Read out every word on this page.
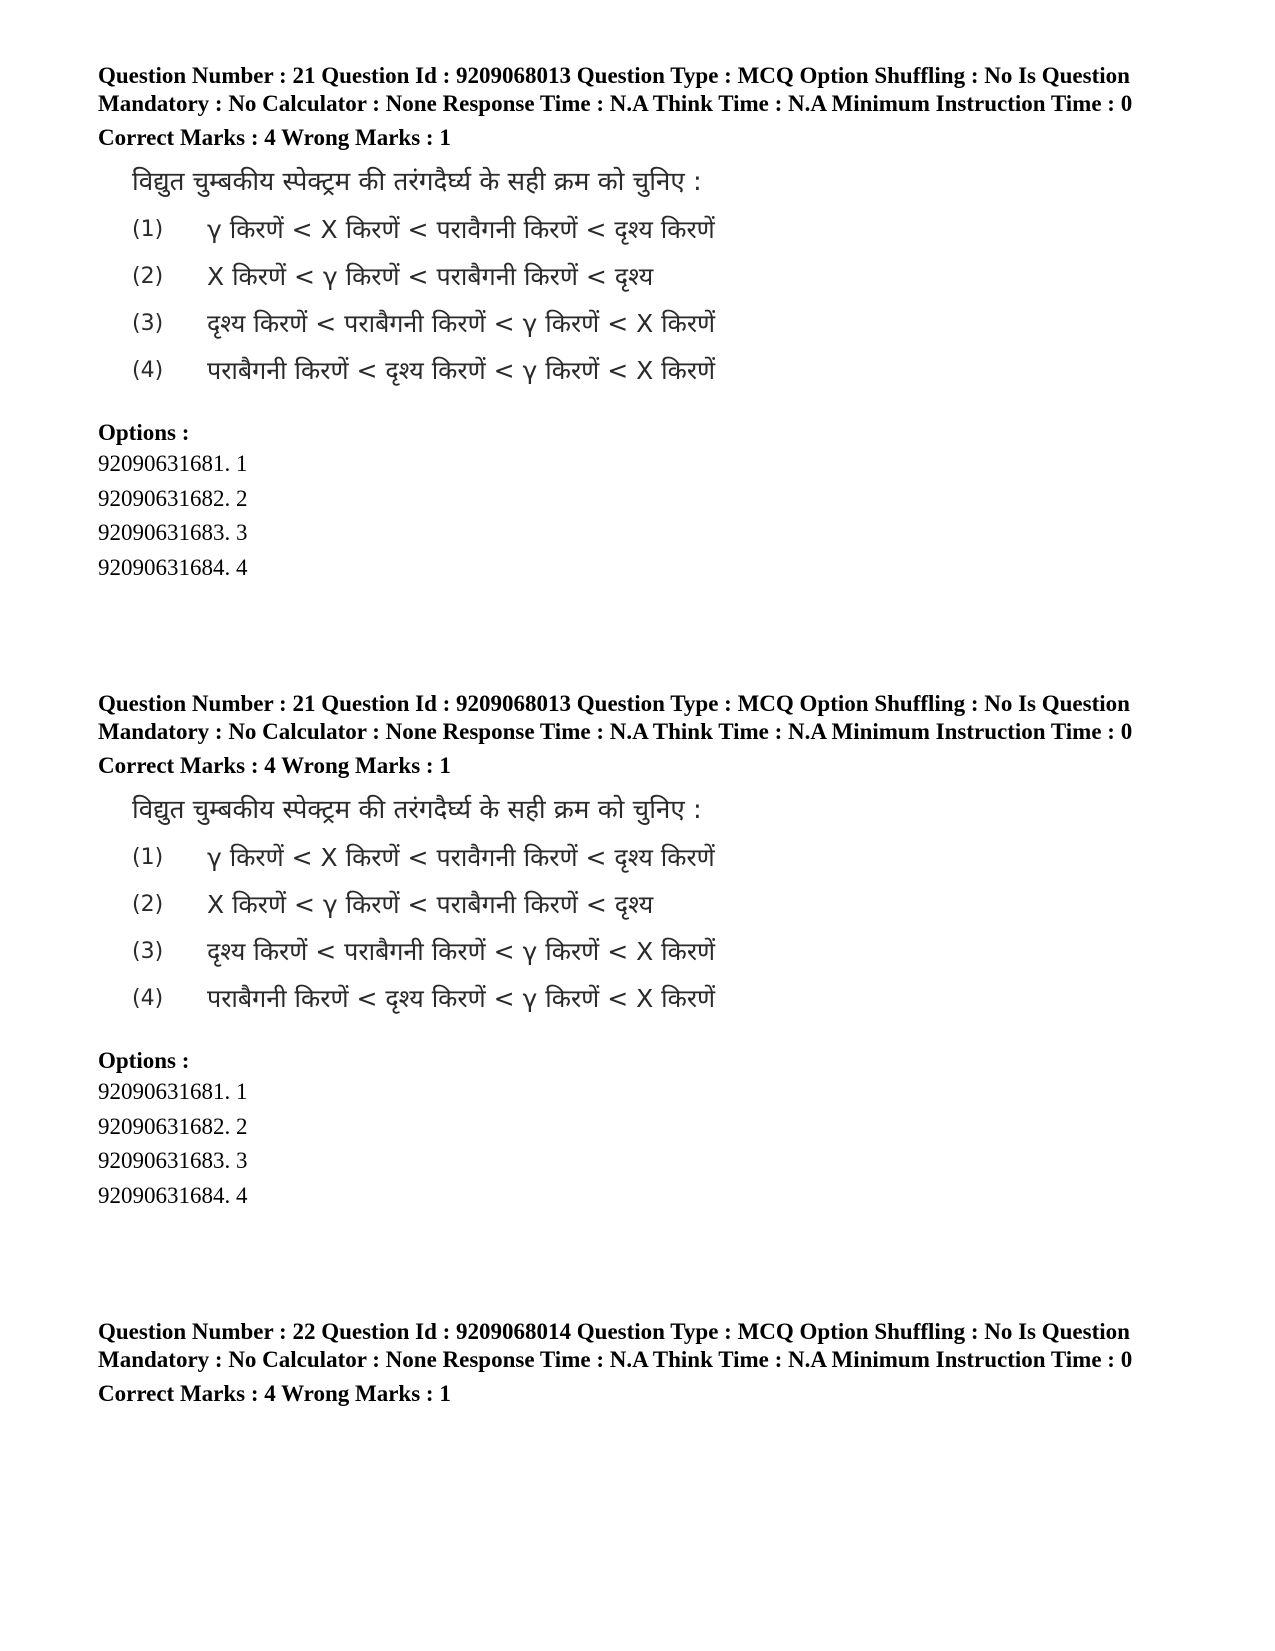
Question Number : 21 Question Id : 9209068013 Question Type : MCQ Option Shuffling : No Is Question Mandatory : No Calculator : None Response Time : N.A Think Time : N.A Minimum Instruction Time : 0

Correct Marks : 4 Wrong Marks : 1
विद्युत चुम्बकीय स्पेक्ट्रम की तरंगदैर्घ्य के सही क्रम को चुनिए :
(1)	γ किरणें < X किरणें < परावैगनी किरणें < दृश्य किरणें
(2)	X किरणें < γ किरणें < पराबैगनी किरणें < दृश्य
(3)	दृश्य किरणें < पराबैगनी किरणें < γ किरणें < X किरणें
(4)	पराबैगनी किरणें < दृश्य किरणें < γ किरणें < X किरणें
Options :
92090631681. 1
92090631682. 2
92090631683. 3
92090631684. 4

Question Number : 21 Question Id : 9209068013 Question Type : MCQ Option Shuffling : No Is Question Mandatory : No Calculator : None Response Time : N.A Think Time : N.A Minimum Instruction Time : 0

Correct Marks : 4 Wrong Marks : 1
विद्युत चुम्बकीय स्पेक्ट्रम की तरंगदैर्घ्य के सही क्रम को चुनिए :
(1)	γ किरणें < X किरणें < परावैगनी किरणें < दृश्य किरणें
(2)	X किरणें < γ किरणें < पराबैगनी किरणें < दृश्य
(3)	दृश्य किरणें < पराबैगनी किरणें < γ किरणें < X किरणें
(4)	पराबैगनी किरणें < दृश्य किरणें < γ किरणें < X किरणें
Options :
92090631681. 1
92090631682. 2
92090631683. 3
92090631684. 4

Question Number : 22 Question Id : 9209068014 Question Type : MCQ Option Shuffling : No Is Question Mandatory : No Calculator : None Response Time : N.A Think Time : N.A Minimum Instruction Time : 0

Correct Marks : 4 Wrong Marks : 1
